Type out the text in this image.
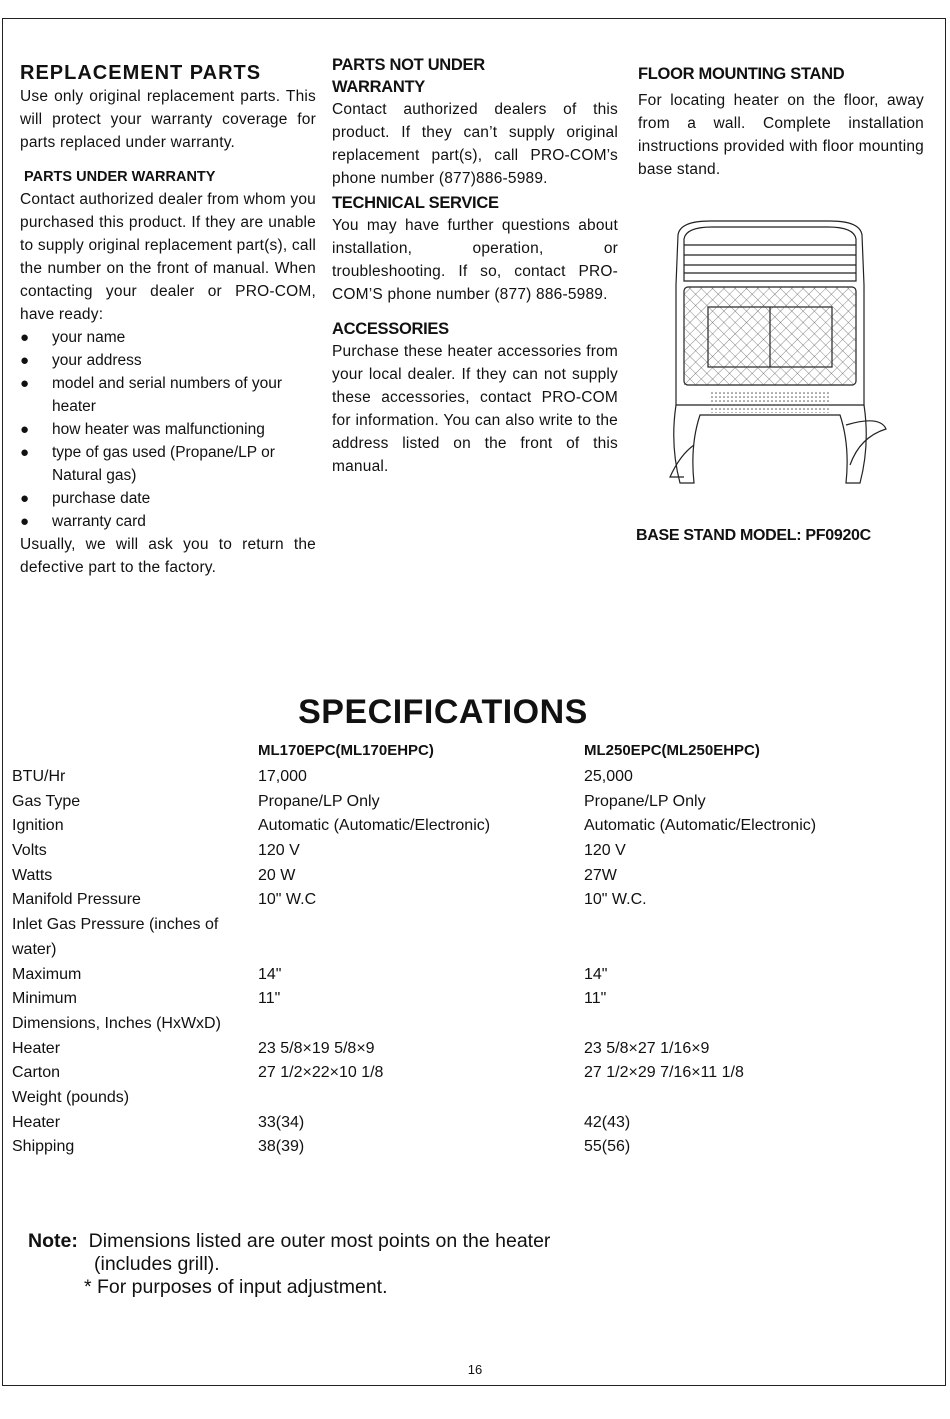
REPLACEMENT PARTS

Use only original replacement parts. This will protect your warranty coverage for parts replaced under warranty.

PARTS UNDER WARRANTY

Contact authorized dealer from whom you purchased this product. If they are unable to supply original replacement part(s), call the number on the front of manual. When contacting your dealer or PRO-COM, have ready:

● your name
● your address
● model and serial numbers of your heater
● how heater was malfunctioning
● type of gas used (Propane/LP or Natural gas)
● purchase date
● warranty card

Usually, we will ask you to return the defective part to the factory.

PARTS NOT UNDER WARRANTY

Contact authorized dealers of this product. If they can’t supply original replacement part(s), call PRO-COM’s phone number (877)886-5989.

TECHNICAL SERVICE

You may have further questions about installation, operation, or troubleshooting. If so, contact PRO-COM’S phone number (877) 886-5989.

ACCESSORIES

Purchase these heater accessories from your local dealer. If they can not supply these accessories, contact PRO-COM for information. You can also write to the address listed on the front of this manual.

FLOOR MOUNTING STAND

For locating heater on the floor, away from a wall. Complete installation instructions provided with floor mounting base stand.

BASE STAND MODEL: PF0920C
SPECIFICATIONS
	ML170EPC(ML170EHPC)	ML250EPC(ML250EHPC)
BTU/Hr	17,000	25,000
Gas Type	Propane/LP Only	Propane/LP Only
Ignition	Automatic (Automatic/Electronic)	Automatic (Automatic/Electronic)
Volts	120 V	120 V
Watts	20 W	27W
Manifold Pressure	10" W.C	10" W.C.
Inlet Gas Pressure (inches of		
water)		
Maximum	14"	14"
Minimum	11"	11"
Dimensions, Inches (HxWxD)		
Heater	23 5/8×19 5/8×9	23 5/8×27 1/16×9
Carton	27 1/2×22×10 1/8	27 1/2×29 7/16×11 1/8
Weight (pounds)		
Heater	33(34)	42(43)
Shipping	38(39)	55(56)
Note: Dimensions listed are outer most points on the heater
(includes grill).
* For purposes of input adjustment.
16
